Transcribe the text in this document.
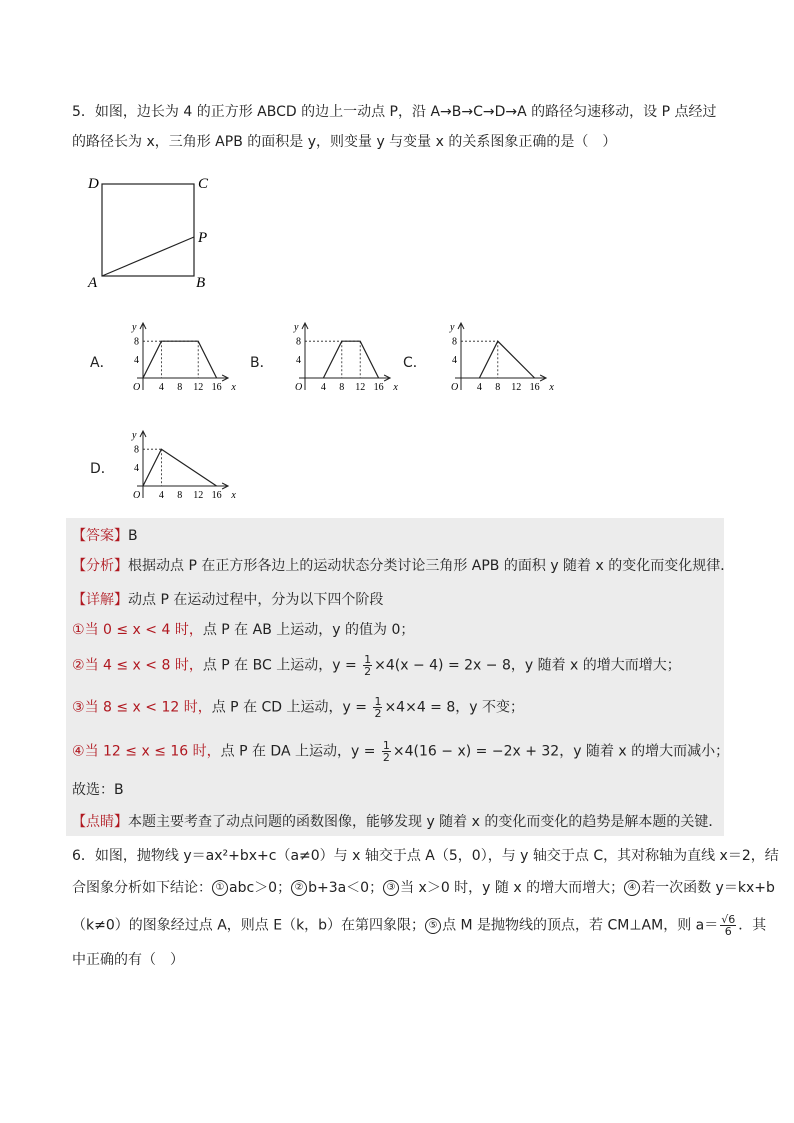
5．如图，边长为 4 的正方形 ABCD 的边上一动点 P，沿 A→B→C→D→A 的路径匀速移动，设 P 点经过
的路径长为 x，三角形 APB 的面积是 y，则变量 y 与变量 x 的关系图象正确的是（　）
D	C
P
A	B
A．	B．	C．
D．
y
x
O 4 8 12 16
4
8
y
x
O 4 8 12 16
4
8
y
x
O 4 8 12 16
4
8
y
x
O 4 8 12 16
4
8
【答案】B
【分析】根据动点 P 在正方形各边上的运动状态分类讨论三角形 APB 的面积 y 随着 x 的变化而变化规律．
【详解】动点 P 在运动过程中，分为以下四个阶段
①当 0 ≤ x < 4 时，点 P 在 AB 上运动，y 的值为 0；
②当 4 ≤ x < 8 时，点 P 在 BC 上运动，$y = \frac{1}{2} \times 4(x - 4) = 2x - 8$，y 随着 x 的增大而增大；
③当 8 ≤ x < 12 时，点 P 在 CD 上运动，$y = \frac{1}{2} \times 4\times 4 = 8$，y 不变；
④当 12 ≤ x ≤ 16 时，点 P 在 DA 上运动，$y = \frac{1}{2} \times 4(16 - x) = -2x + 32$，y 随着 x 的增大而减小；
故选：B
【点睛】本题主要考查了动点问题的函数图像，能够发现 y 随着 x 的变化而变化的趋势是解本题的关键．
6．如图，抛物线 y＝ax²+bx+c（a≠0）与 x 轴交于点 A（5，0），与 y 轴交于点 C，其对称轴为直线 x＝2，结
合图象分析如下结论： ① abc＞0； ② b+3a＜0； ③ 当 x＞0 时，y 随 x 的增大而增大； ④ 若一次函数 y＝kx+b
（k≠0）的图象经过点 A，则点 E（k，b）在第四象限； ⑤ 点 M 是抛物线的顶点，若 CM⊥AM，则 $a= \frac{√6}{6}$ ．其
中正确的有（　）
